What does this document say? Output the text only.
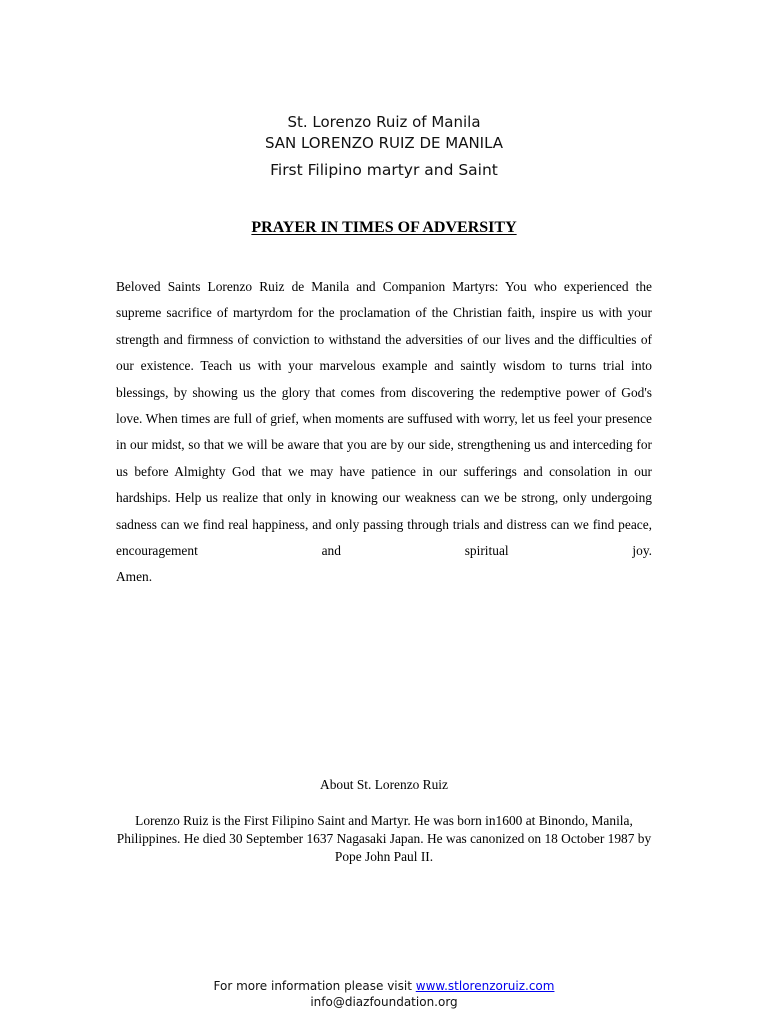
St. Lorenzo Ruiz of Manila
SAN LORENZO RUIZ DE MANILA
First Filipino martyr and Saint
PRAYER IN TIMES OF ADVERSITY
Beloved Saints Lorenzo Ruiz de Manila and Companion Martyrs: You who experienced the supreme sacrifice of martyrdom for the proclamation of the Christian faith, inspire us with your strength and firmness of conviction to withstand the adversities of our lives and the difficulties of our existence. Teach us with your marvelous example and saintly wisdom to turns trial into blessings, by showing us the glory that comes from discovering the redemptive power of God's love. When times are full of grief, when moments are suffused with worry, let us feel your presence in our midst, so that we will be aware that you are by our side, strengthening us and interceding for us before Almighty God that we may have patience in our sufferings and consolation in our hardships. Help us realize that only in knowing our weakness can we be strong, only undergoing sadness can we find real happiness, and only passing through trials and distress can we find peace, encouragement and spiritual joy.
Amen.
About St. Lorenzo Ruiz
Lorenzo Ruiz is the First Filipino Saint and Martyr. He was born in1600 at Binondo, Manila, Philippines. He died 30 September 1637 Nagasaki Japan. He was canonized on 18 October 1987 by Pope John Paul II.
For more information please visit www.stlorenzoruiz.com
info@diazfoundation.org
